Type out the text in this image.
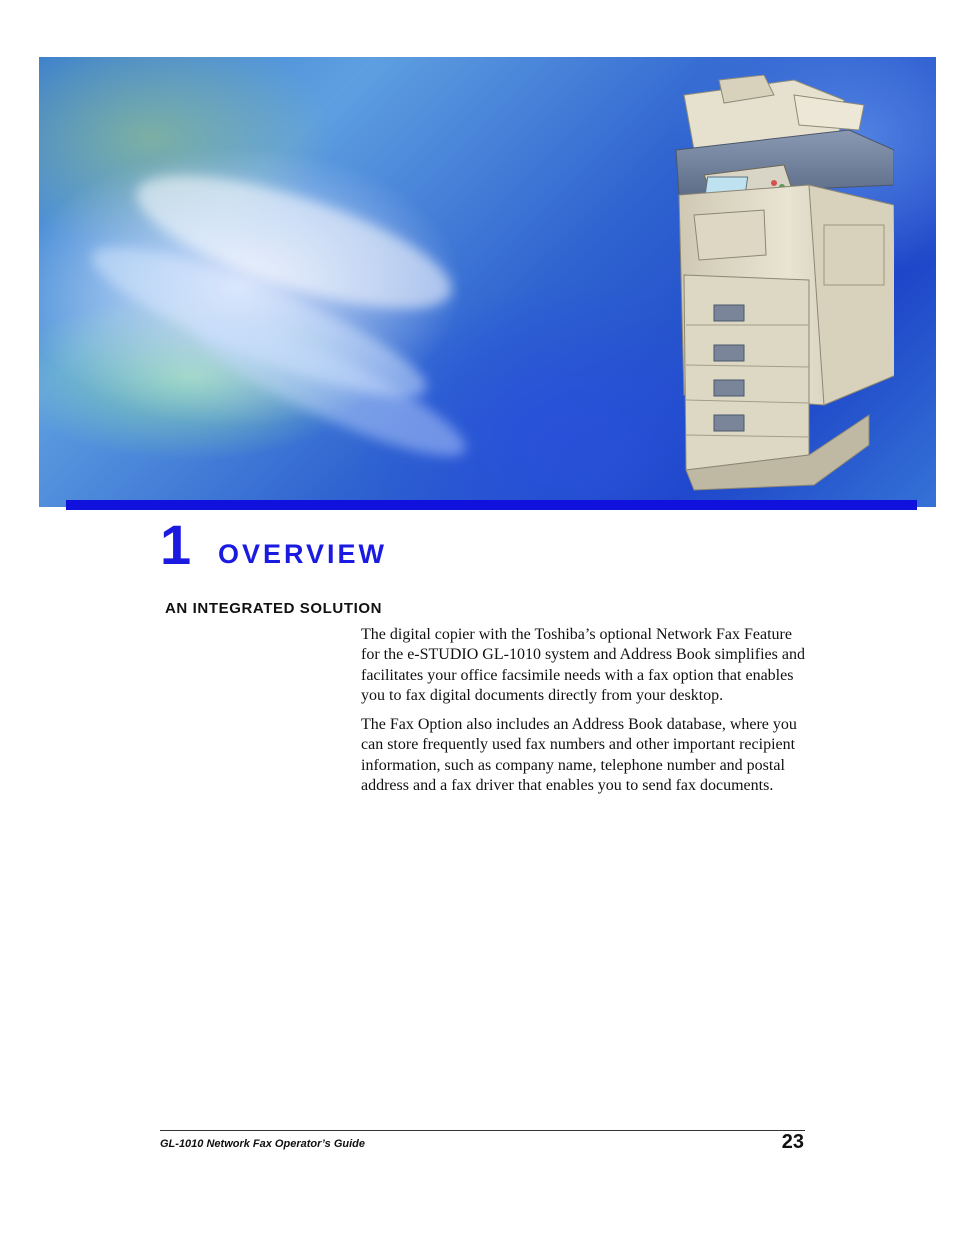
1 OVERVIEW
AN INTEGRATED SOLUTION

The digital copier with the Toshiba’s optional Network Fax Feature for the e-STUDIO GL-1010 system and Address Book simplifies and facilitates your office facsimile needs with a fax option that enables you to fax digital documents directly from your desktop.

The Fax Option also includes an Address Book database, where you can store frequently used fax numbers and other important recipient information, such as company name, telephone number and postal address and a fax driver that enables you to send fax documents.

GL-1010 Network Fax Operator’s Guide	23
